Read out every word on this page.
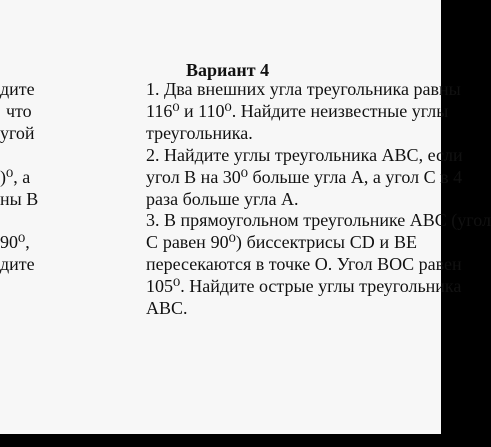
Вариант 4
дите
что
угой
)⁰, а
ны B
90⁰,
дите
1. Два внешних угла треугольника равны
116⁰ и 110⁰. Найдите неизвестные углы
треугольника.
2. Найдите углы треугольника ABC, если
угол B на 30⁰ больше угла A, а угол C в 4
раза больше угла А.
3. В прямоугольном треугольнике ABC (угол
C равен 90⁰) биссектрисы CD и BE
пересекаются в точке O. Угол BOC равен
105⁰. Найдите острые углы треугольника
ABC.
